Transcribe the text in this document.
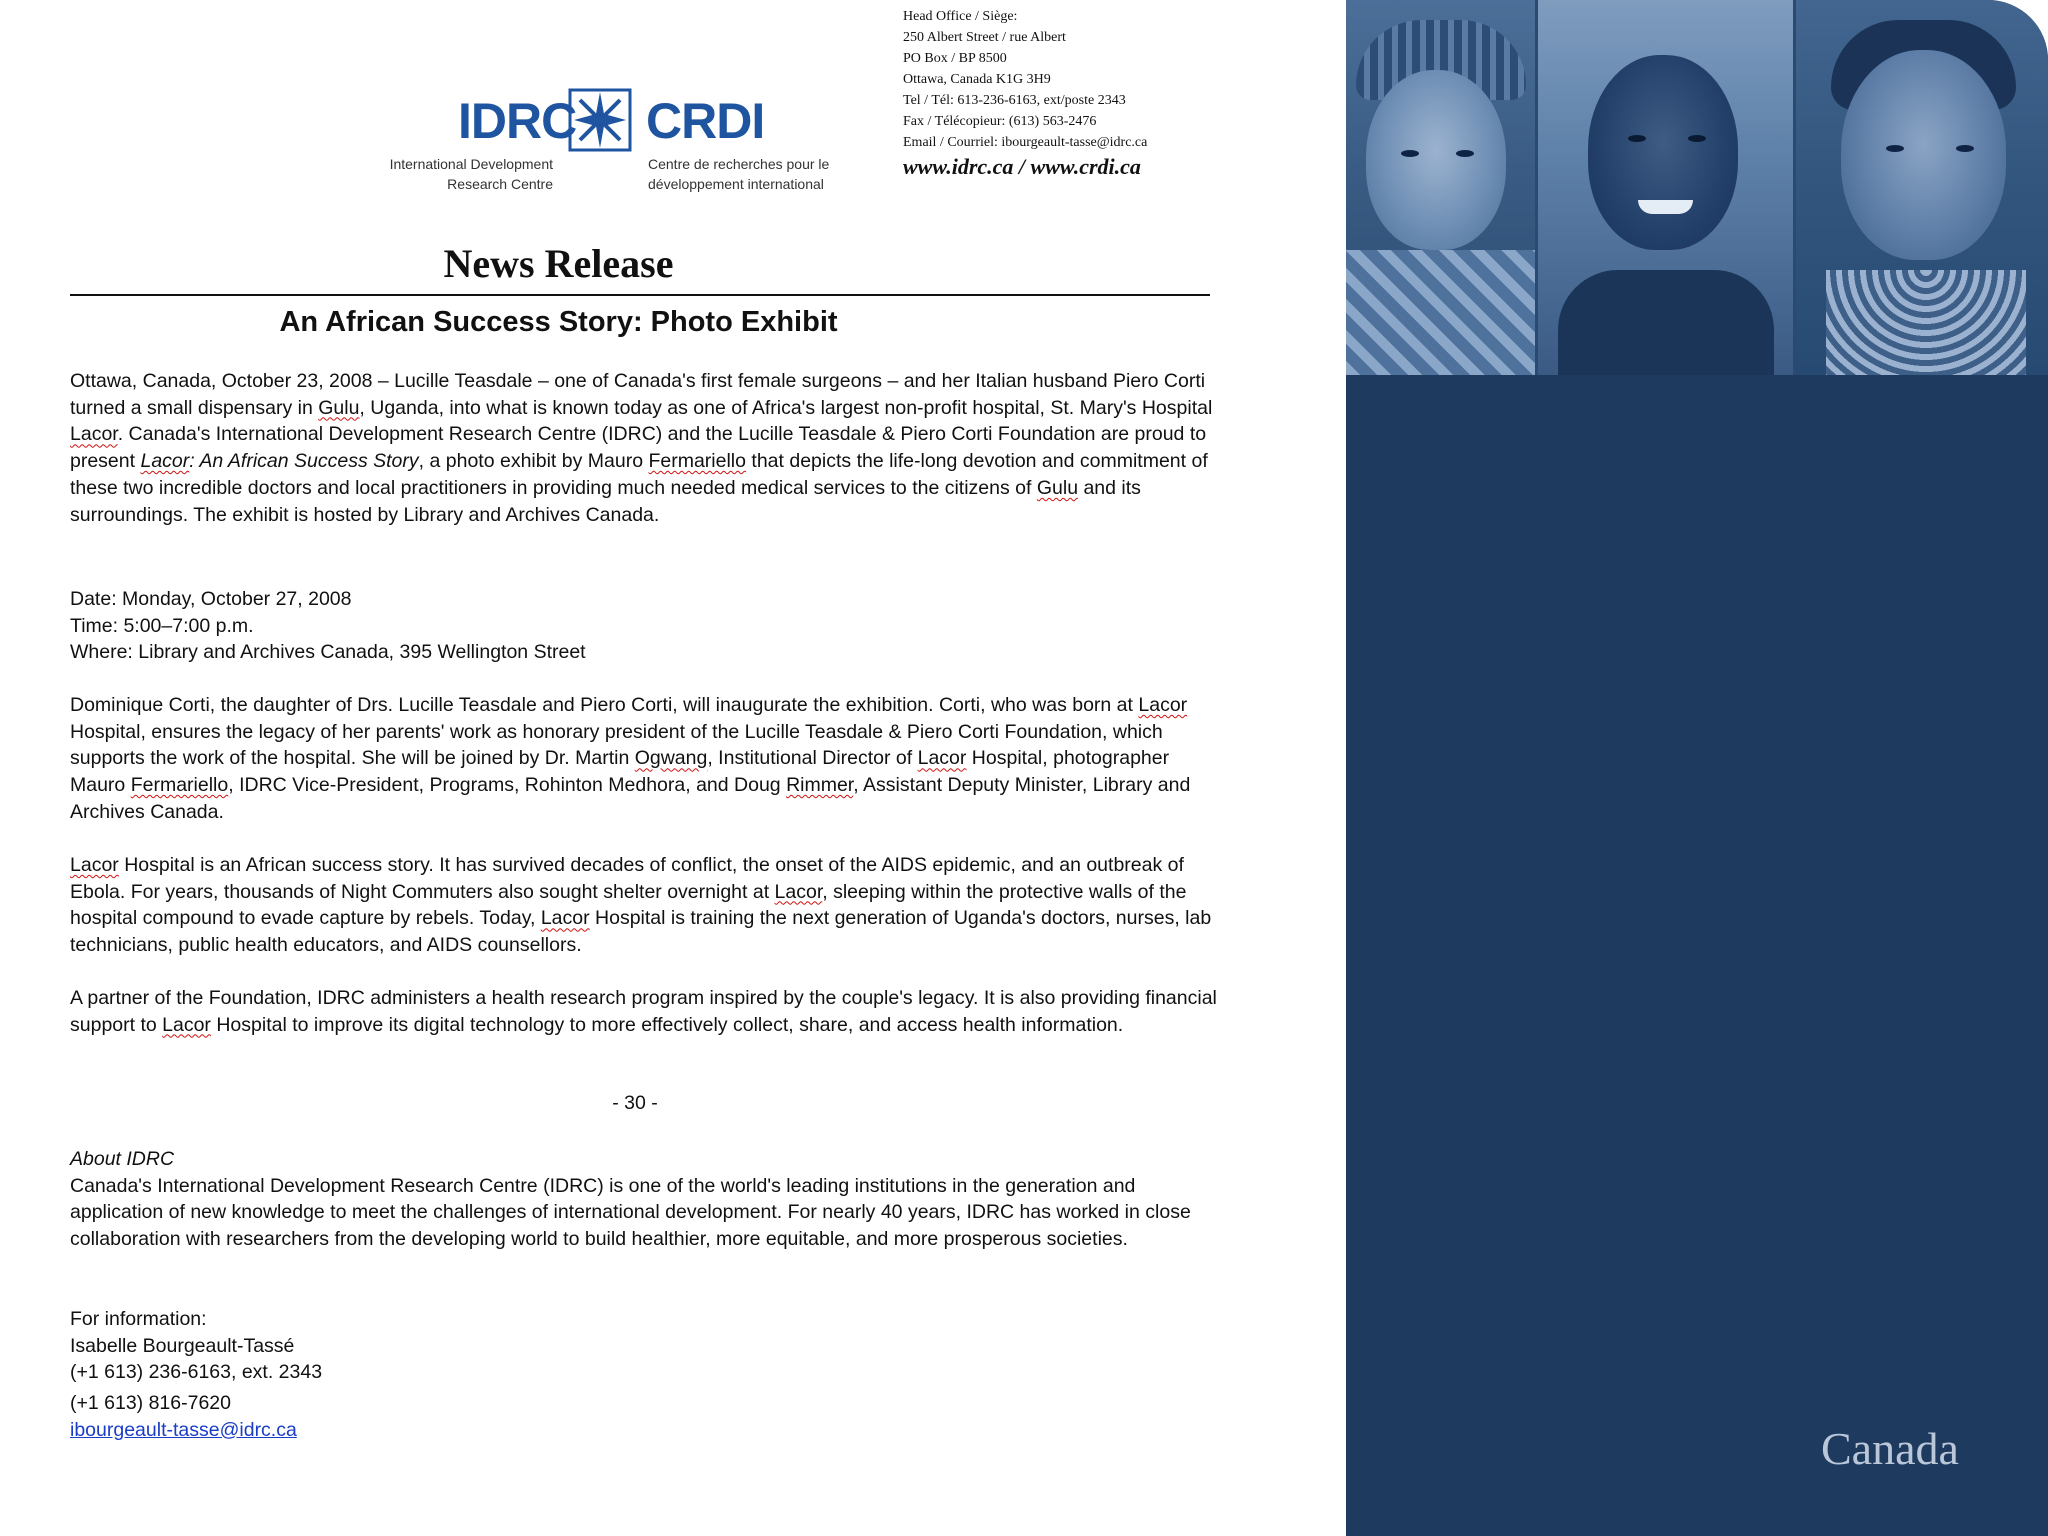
IDRC CRDI
International Development
Research Centre
Centre de recherches pour le
développement international
Head Office / Siège:
250 Albert Street / rue Albert
PO Box / BP 8500
Ottawa, Canada K1G 3H9
Tel / Tél: 613-236-6163, ext/poste 2343
Fax / Télécopieur: (613) 563-2476
Email / Courriel: ibourgeault-tasse@idrc.ca
www.idrc.ca / www.crdi.ca
News Release
An African Success Story: Photo Exhibit

Ottawa, Canada, October 23, 2008 – Lucille Teasdale – one of Canada's first female surgeons – and her Italian husband Piero Corti turned a small dispensary in Gulu, Uganda, into what is known today as one of Africa's largest non-profit hospital, St. Mary's Hospital Lacor. Canada's International Development Research Centre (IDRC) and the Lucille Teasdale & Piero Corti Foundation are proud to present Lacor: An African Success Story, a photo exhibit by Mauro Fermariello that depicts the life-long devotion and commitment of these two incredible doctors and local practitioners in providing much needed medical services to the citizens of Gulu and its surroundings. The exhibit is hosted by Library and Archives Canada.

Date: Monday, October 27, 2008

Time: 5:00–7:00 p.m.

Where: Library and Archives Canada, 395 Wellington Street

Dominique Corti, the daughter of Drs. Lucille Teasdale and Piero Corti, will inaugurate the exhibition. Corti, who was born at Lacor Hospital, ensures the legacy of her parents' work as honorary president of the Lucille Teasdale & Piero Corti Foundation, which supports the work of the hospital. She will be joined by Dr. Martin Ogwang, Institutional Director of Lacor Hospital, photographer Mauro Fermariello, IDRC Vice-President, Programs, Rohinton Medhora, and Doug Rimmer, Assistant Deputy Minister, Library and Archives Canada.

Lacor Hospital is an African success story. It has survived decades of conflict, the onset of the AIDS epidemic, and an outbreak of Ebola. For years, thousands of Night Commuters also sought shelter overnight at Lacor, sleeping within the protective walls of the hospital compound to evade capture by rebels. Today, Lacor Hospital is training the next generation of Uganda's doctors, nurses, lab technicians, public health educators, and AIDS counsellors.

A partner of the Foundation, IDRC administers a health research program inspired by the couple's legacy. It is also providing financial support to Lacor Hospital to improve its digital technology to more effectively collect, share, and access health information.

- 30 -

About IDRC

Canada's International Development Research Centre (IDRC) is one of the world's leading institutions in the generation and application of new knowledge to meet the challenges of international development. For nearly 40 years, IDRC has worked in close collaboration with researchers from the developing world to build healthier, more equitable, and more prosperous societies.

For information:

Isabelle Bourgeault-Tassé

(+1 613) 236-6163, ext. 2343

(+1 613) 816-7620

ibourgeault-tasse@idrc.ca	Canada
